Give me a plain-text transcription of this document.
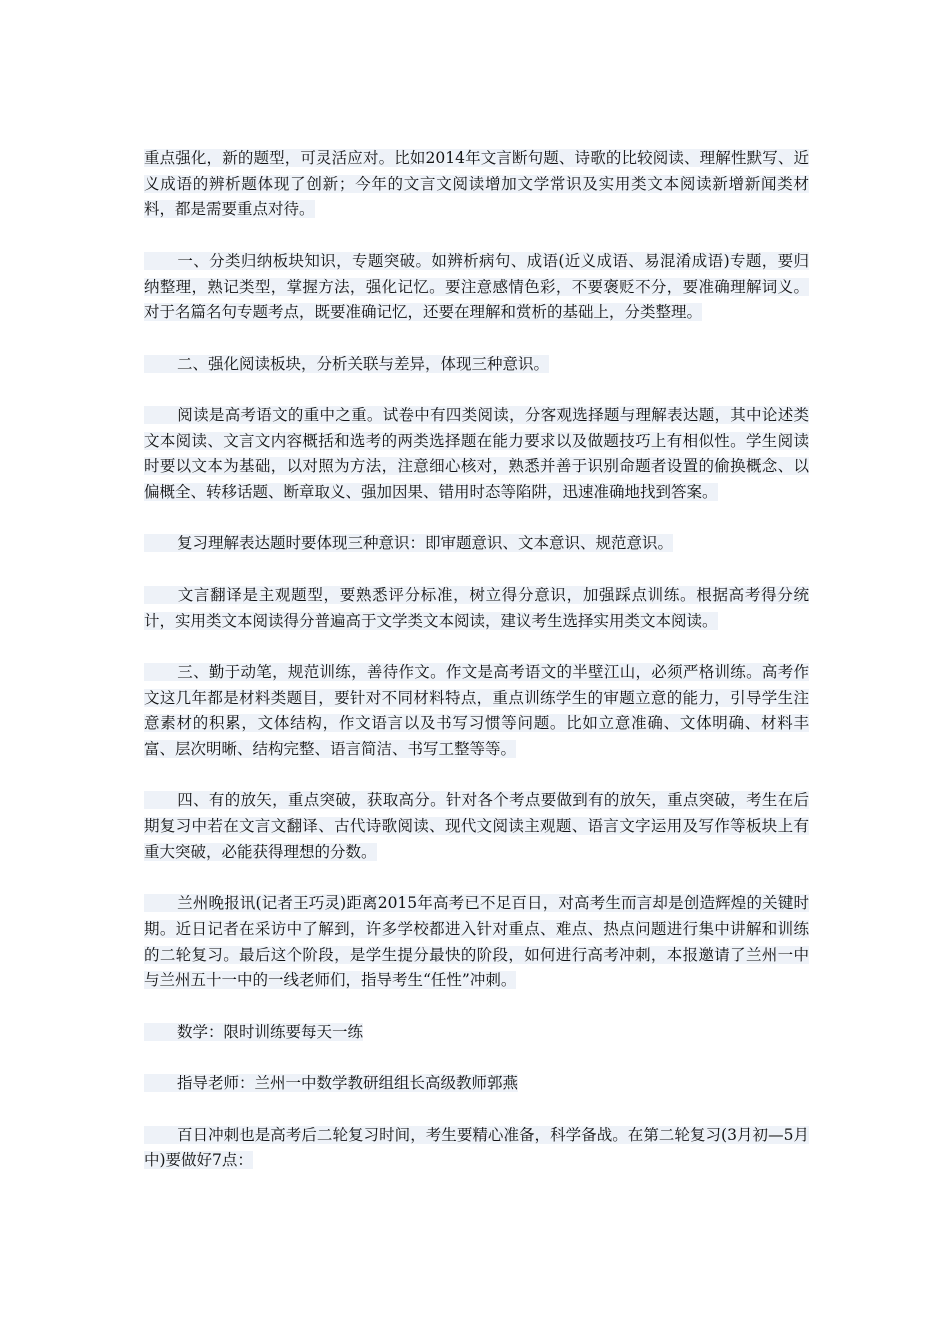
重点强化，新的题型，可灵活应对。比如2014年文言断句题、诗歌的比较阅读、理解性默写、近义成语的辨析题体现了创新；今年的文言文阅读增加文学常识及实用类文本阅读新增新闻类材料，都是需要重点对待。

一、分类归纳板块知识，专题突破。如辨析病句、成语(近义成语、易混淆成语)专题，要归纳整理，熟记类型，掌握方法，强化记忆。要注意感情色彩，不要褒贬不分，要准确理解词义。对于名篇名句专题考点，既要准确记忆，还要在理解和赏析的基础上，分类整理。

二、强化阅读板块，分析关联与差异，体现三种意识。

阅读是高考语文的重中之重。试卷中有四类阅读，分客观选择题与理解表达题，其中论述类文本阅读、文言文内容概括和选考的两类选择题在能力要求以及做题技巧上有相似性。学生阅读时要以文本为基础，以对照为方法，注意细心核对，熟悉并善于识别命题者设置的偷换概念、以偏概全、转移话题、断章取义、强加因果、错用时态等陷阱，迅速准确地找到答案。

复习理解表达题时要体现三种意识：即审题意识、文本意识、规范意识。

文言翻译是主观题型，要熟悉评分标准，树立得分意识，加强踩点训练。根据高考得分统计，实用类文本阅读得分普遍高于文学类文本阅读，建议考生选择实用类文本阅读。

三、勤于动笔，规范训练，善待作文。作文是高考语文的半壁江山，必须严格训练。高考作文这几年都是材料类题目，要针对不同材料特点，重点训练学生的审题立意的能力，引导学生注意素材的积累，文体结构，作文语言以及书写习惯等问题。比如立意准确、文体明确、材料丰富、层次明晰、结构完整、语言简洁、书写工整等等。

四、有的放矢，重点突破，获取高分。针对各个考点要做到有的放矢，重点突破，考生在后期复习中若在文言文翻译、古代诗歌阅读、现代文阅读主观题、语言文字运用及写作等板块上有重大突破，必能获得理想的分数。

兰州晚报讯(记者王巧灵)距离2015年高考已不足百日，对高考生而言却是创造辉煌的关键时期。近日记者在采访中了解到，许多学校都进入针对重点、难点、热点问题进行集中讲解和训练的二轮复习。最后这个阶段，是学生提分最快的阶段，如何进行高考冲刺，本报邀请了兰州一中与兰州五十一中的一线老师们，指导考生“任性”冲刺。

数学：限时训练要每天一练

指导老师：兰州一中数学教研组组长高级教师郭燕

百日冲刺也是高考后二轮复习时间，考生要精心准备，科学备战。在第二轮复习(3月初—5月中)要做好7点：
